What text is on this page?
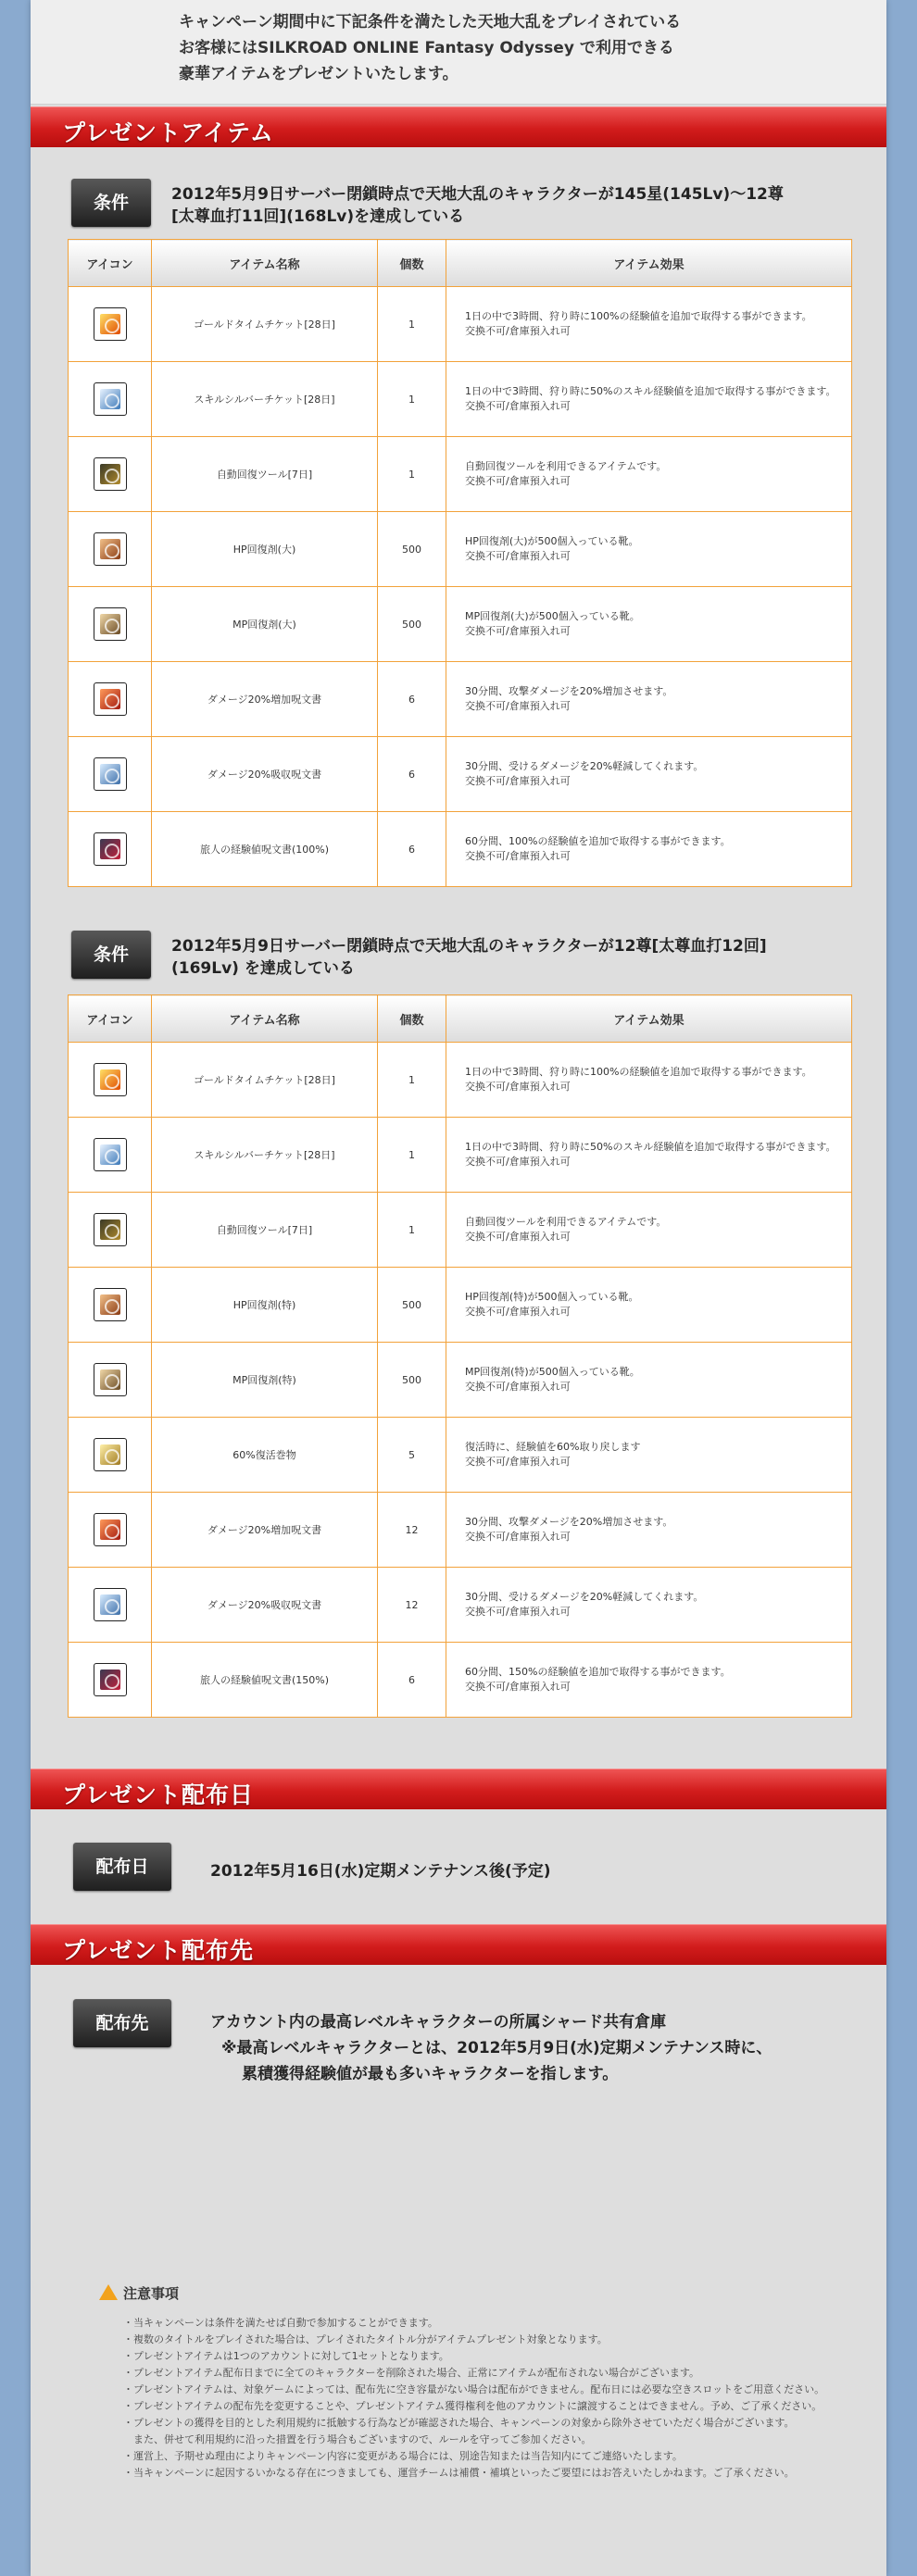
キャンペーン期間中に下記条件を満たした天地大乱をプレイされている
お客様にはSILKROAD ONLINE Fantasy Odyssey で利用できる
豪華アイテムをプレゼントいたします。
プレゼントアイテム
条件	2012年5月9日サーバー閉鎖時点で天地大乱のキャラクターが145星(145Lv)～12尊
[太尊血打11回](168Lv)を達成している
アイコン	アイテム名称	個数	アイテム効果

	ゴールドタイムチケット[28日]	1	1日の中で3時間、狩り時に100%の経験値を追加で取得する事ができます。
交換不可/倉庫預入れ可

	スキルシルバーチケット[28日]	1	1日の中で3時間、狩り時に50%のスキル経験値を追加で取得する事ができます。
交換不可/倉庫預入れ可

	自動回復ツール[7日]	1	自動回復ツールを利用できるアイテムです。
交換不可/倉庫預入れ可

	HP回復剤(大)	500	HP回復剤(大)が500個入っている靴。
交換不可/倉庫預入れ可

	MP回復剤(大)	500	MP回復剤(大)が500個入っている靴。
交換不可/倉庫預入れ可

	ダメージ20%増加呪文書	6	30分間、攻撃ダメージを20%増加させます。
交換不可/倉庫預入れ可

	ダメージ20%吸収呪文書	6	30分間、受けるダメージを20%軽減してくれます。
交換不可/倉庫預入れ可

	旅人の経験値呪文書(100%)	6	60分間、100%の経験値を追加で取得する事ができます。
交換不可/倉庫預入れ可
条件	2012年5月9日サーバー閉鎖時点で天地大乱のキャラクターが12尊[太尊血打12回]
(169Lv) を達成している
アイコン	アイテム名称	個数	アイテム効果

	ゴールドタイムチケット[28日]	1	1日の中で3時間、狩り時に100%の経験値を追加で取得する事ができます。
交換不可/倉庫預入れ可

	スキルシルバーチケット[28日]	1	1日の中で3時間、狩り時に50%のスキル経験値を追加で取得する事ができます。
交換不可/倉庫預入れ可

	自動回復ツール[7日]	1	自動回復ツールを利用できるアイテムです。
交換不可/倉庫預入れ可

	HP回復剤(特)	500	HP回復剤(特)が500個入っている靴。
交換不可/倉庫預入れ可

	MP回復剤(特)	500	MP回復剤(特)が500個入っている靴。
交換不可/倉庫預入れ可

	60%復活巻物	5	復活時に、経験値を60%取り戻します
交換不可/倉庫預入れ可

	ダメージ20%増加呪文書	12	30分間、攻撃ダメージを20%増加させます。
交換不可/倉庫預入れ可

	ダメージ20%吸収呪文書	12	30分間、受けるダメージを20%軽減してくれます。
交換不可/倉庫預入れ可

	旅人の経験値呪文書(150%)	6	60分間、150%の経験値を追加で取得する事ができます。
交換不可/倉庫預入れ可
プレゼント配布日
配布日	2012年5月16日(水)定期メンテナンス後(予定)
プレゼント配布先
配布先	アカウント内の最高レベルキャラクターの所属シャード共有倉庫
※最高レベルキャラクターとは、2012年5月9日(水)定期メンテナンス時に、
累積獲得経験値が最も多いキャラクターを指します。
注意事項
・当キャンペーンは条件を満たせば自動で参加することができます。
・複数のタイトルをプレイされた場合は、プレイされたタイトル分がアイテムプレゼント対象となります。
・プレゼントアイテムは1つのアカウントに対して1セットとなります。
・プレゼントアイテム配布日までに全てのキャラクターを削除された場合、正常にアイテムが配布されない場合がございます。
・プレゼントアイテムは、対象ゲームによっては、配布先に空き容量がない場合は配布ができません。配布日には必要な空きスロットをご用意ください。
・プレゼントアイテムの配布先を変更することや、プレゼントアイテム獲得権利を他のアカウントに譲渡することはできません。予め、ご了承ください。
・プレゼントの獲得を目的とした利用規約に抵触する行為などが確認された場合、キャンペーンの対象から除外させていただく場合がございます。
　また、併せて利用規約に沿った措置を行う場合もございますので、ルールを守ってご参加ください。
・運営上、予期せぬ理由によりキャンペーン内容に変更がある場合には、別途告知または当告知内にてご連絡いたします。
・当キャンペーンに起因するいかなる存在につきましても、運営チームは補償・補填といったご要望にはお答えいたしかねます。ご了承ください。
